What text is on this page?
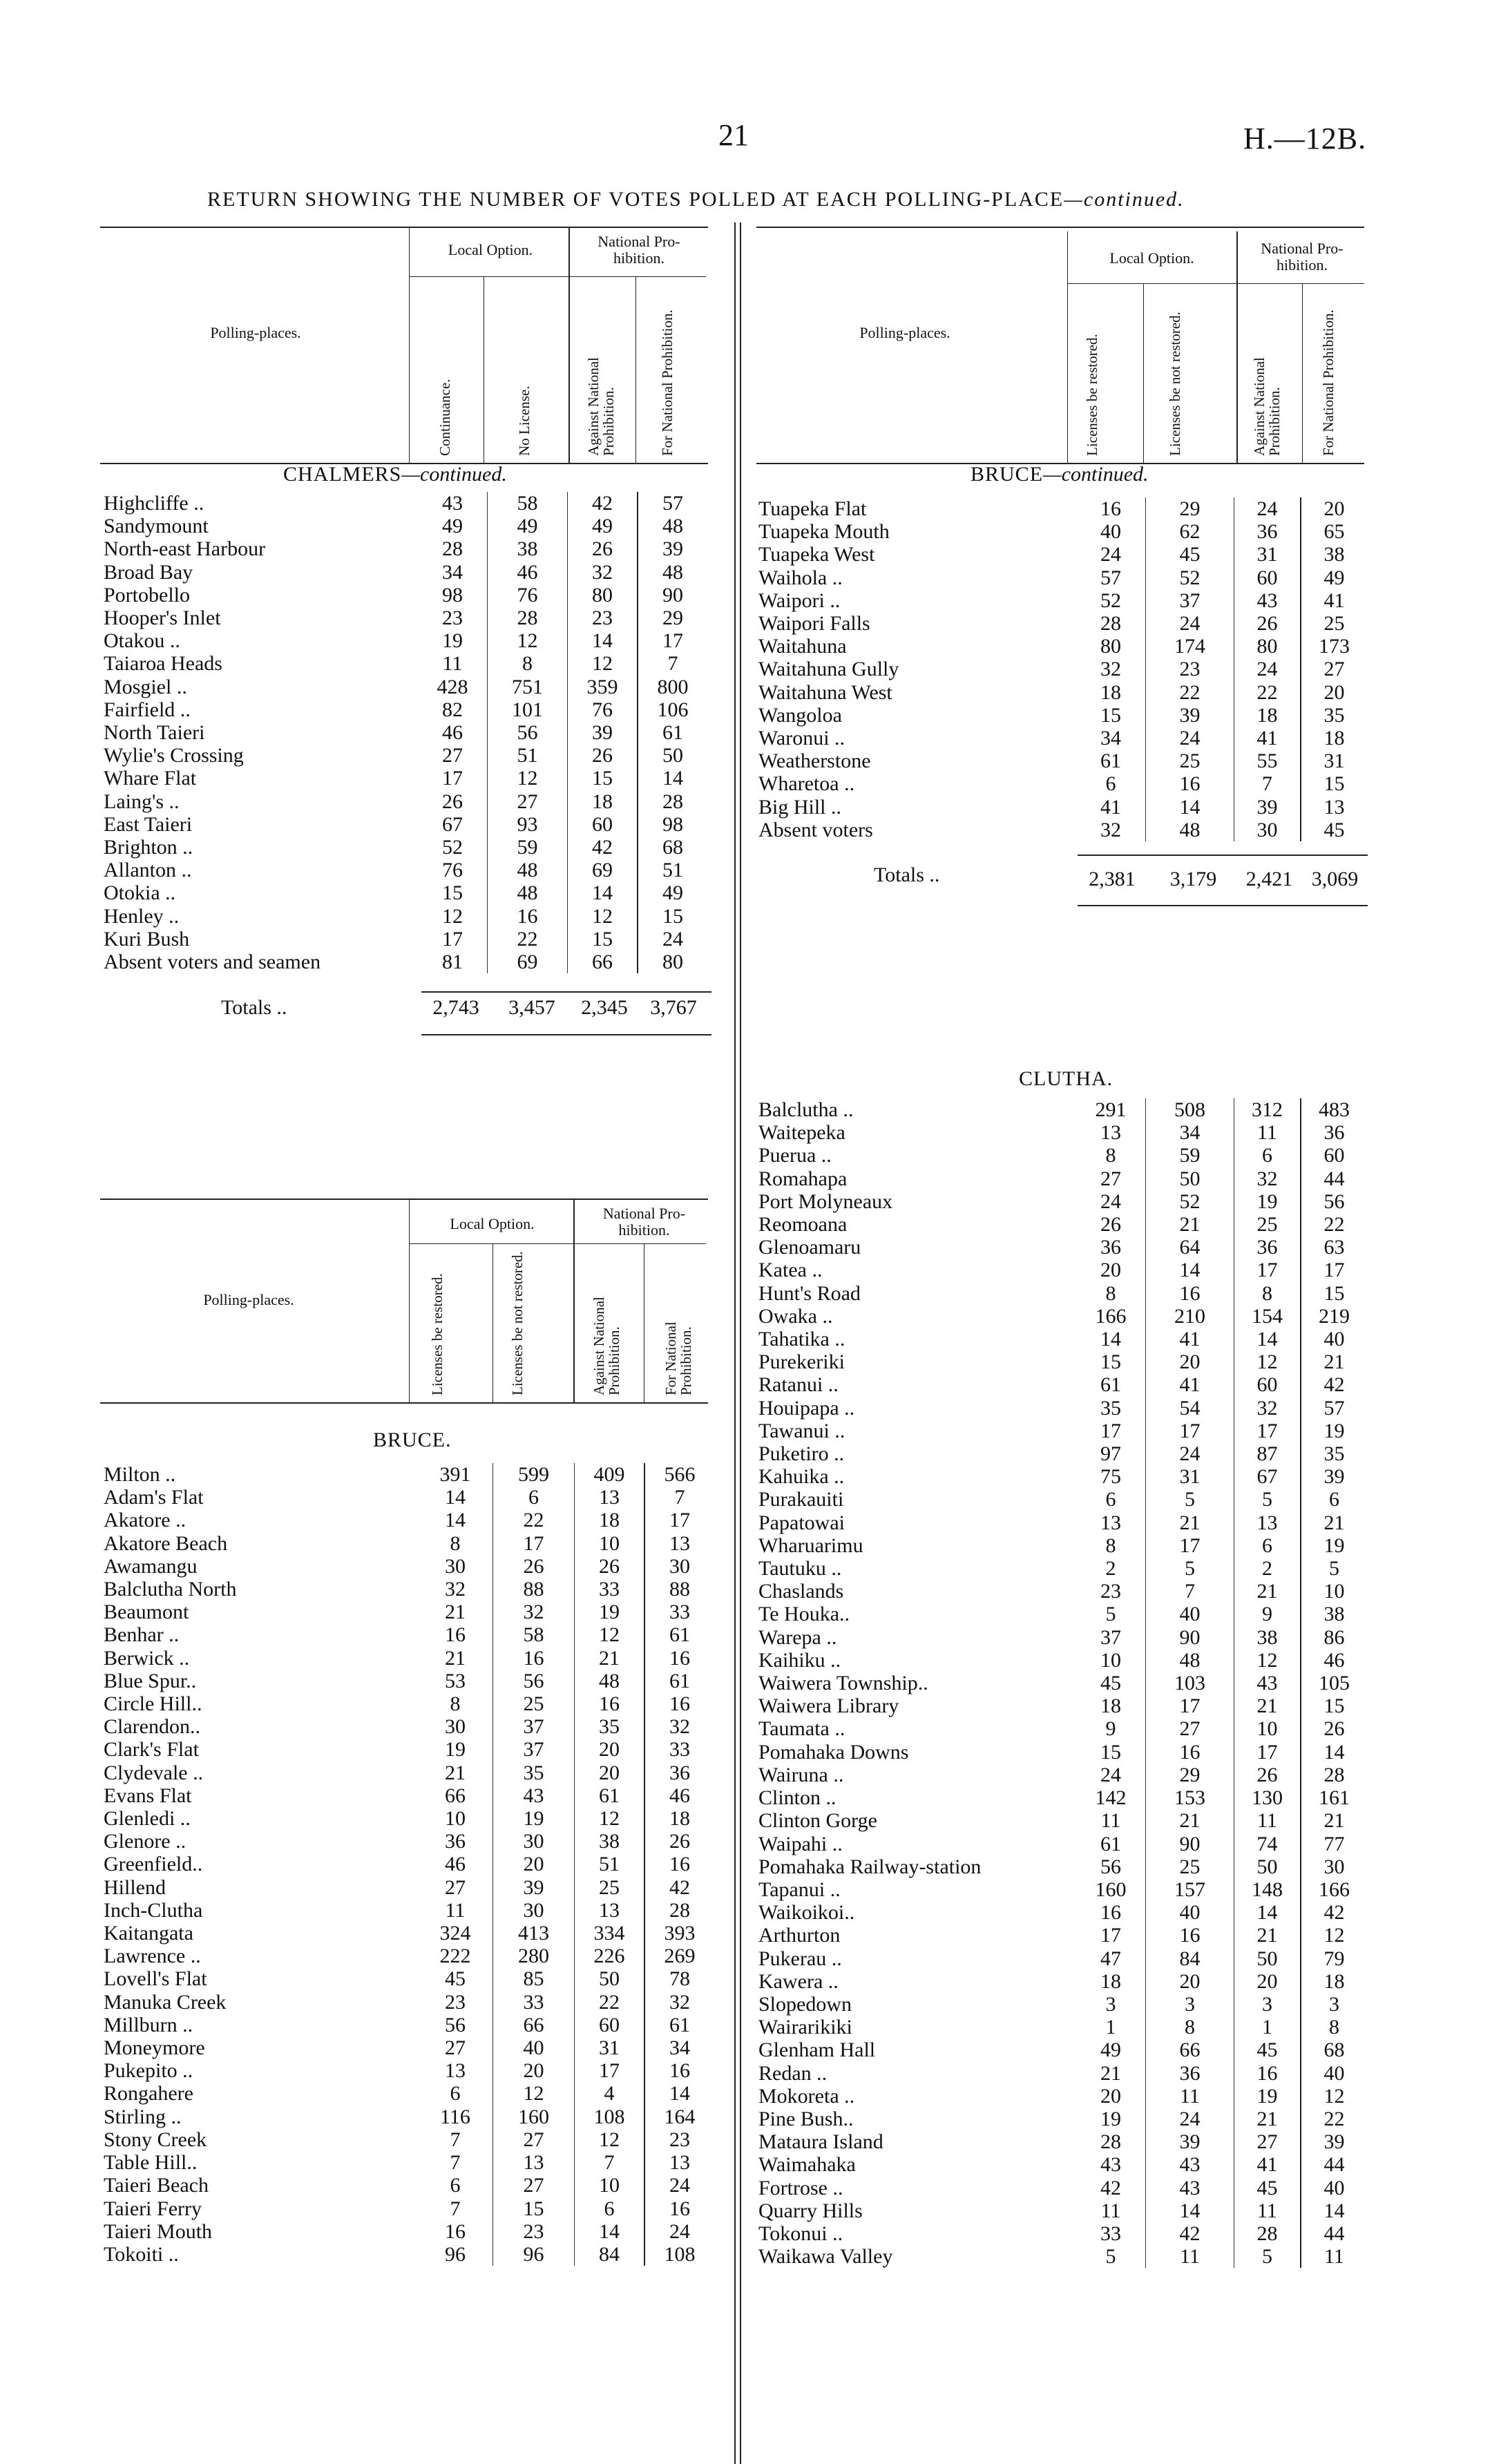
21	H.—12B.
RETURN SHOWING THE NUMBER OF VOTES POLLED AT EACH POLLING-PLACE—continued.
Polling-places.
Local Option.	National Pro-hibition.
Continuance.	No License.	Against National Prohibition.	For National Prohibition.
CHALMERS—continued.
Highcliffe ..	43	58	42	57
Sandymount	49	49	49	48
North-east Harbour	28	38	26	39
Broad Bay	34	46	32	48
Portobello	98	76	80	90
Hooper's Inlet	23	28	23	29
Otakou ..	19	12	14	17
Taiaroa Heads	11	8	12	7
Mosgiel ..	428	751	359	800
Fairfield ..	82	101	76	106
North Taieri	46	56	39	61
Wylie's Crossing	27	51	26	50
Whare Flat	17	12	15	14
Laing's ..	26	27	18	28
East Taieri	67	93	60	98
Brighton ..	52	59	42	68
Allanton ..	76	48	69	51
Otokia ..	15	48	14	49
Henley ..	12	16	12	15
Kuri Bush	17	22	15	24
Absent voters and seamen	81	69	66	80
Totals ..	2,743	3,457	2,345	3,767
Polling-places.
Local Option.
National Pro-hibition.
Licenses be restored.	Licenses be not restored.	Against National Prohibition.	For National Prohibition.
BRUCE—continued.
Tuapeka Flat	16	29	24	20
Tuapeka Mouth	40	62	36	65
Tuapeka West	24	45	31	38
Waihola ..	57	52	60	49
Waipori ..	52	37	43	41
Waipori Falls	28	24	26	25
Waitahuna	80	174	80	173
Waitahuna Gully	32	23	24	27
Waitahuna West	18	22	22	20
Wangoloa	15	39	18	35
Waronui ..	34	24	41	18
Weatherstone	61	25	55	31
Wharetoa ..	6	16	7	15
Big Hill ..	41	14	39	13
Absent voters	32	48	30	45
Totals ..	2,381	3,179	2,421 3,069
Polling-places.
Local Option.
National Pro-hibition.
Licenses be restored.	Licenses be not restored.	Against National Prohibition.	For National Prohibition.
BRUCE.
Milton ..	391	599	409	566
Adam's Flat	14	6	13	7
Akatore ..	14	22	18	17
Akatore Beach	8	17	10	13
Awamangu	30	26	26	30
Balclutha North	32	88	33	88
Beaumont	21	32	19	33
Benhar ..	16	58	12	61
Berwick ..	21	16	21	16
Blue Spur..	53	56	48	61
Circle Hill..	8	25	16	16
Clarendon..	30	37	35	32
Clark's Flat	19	37	20	33
Clydevale ..	21	35	20	36
Evans Flat	66	43	61	46
Glenledi ..	10	19	12	18
Glenore ..	36	30	38	26
Greenfield..	46	20	51	16
Hillend	27	39	25	42
Inch-Clutha	11	30	13	28
Kaitangata	324	413	334	393
Lawrence ..	222	280	226	269
Lovell's Flat	45	85	50	78
Manuka Creek	23	33	22	32
Millburn ..	56	66	60	61
Moneymore	27	40	31	34
Pukepito ..	13	20	17	16
Rongahere	6	12	4	14
Stirling ..	116	160	108	164
Stony Creek	7	27	12	23
Table Hill..	7	13	7	13
Taieri Beach	6	27	10	24
Taieri Ferry	7	15	6	16
Taieri Mouth	16	23	14	24
Tokoiti ..	96	96	84	108
CLUTHA.
Balclutha ..	291	508	312	483
Waitepeka	13	34	11	36
Puerua ..	8	59	6	60
Romahapa	27	50	32	44
Port Molyneaux	24	52	19	56
Reomoana	26	21	25	22
Glenoamaru	36	64	36	63
Katea ..	20	14	17	17
Hunt's Road	8	16	8	15
Owaka ..	166	210	154	219
Tahatika ..	14	41	14	40
Purekeriki	15	20	12	21
Ratanui ..	61	41	60	42
Houipapa ..	35	54	32	57
Tawanui ..	17	17	17	19
Puketiro ..	97	24	87	35
Kahuika ..	75	31	67	39
Purakauiti	6	5	5	6
Papatowai	13	21	13	21
Wharuarimu	8	17	6	19
Tautuku ..	2	5	2	5
Chaslands	23	7	21	10
Te Houka..	5	40	9	38
Warepa ..	37	90	38	86
Kaihiku ..	10	48	12	46
Waiwera Township..	45	103	43	105
Waiwera Library	18	17	21	15
Taumata ..	9	27	10	26
Pomahaka Downs	15	16	17	14
Wairuna ..	24	29	26	28
Clinton ..	142	153	130	161
Clinton Gorge	11	21	11	21
Waipahi ..	61	90	74	77
Pomahaka Railway-station	56	25	50	30
Tapanui ..	160	157	148	166
Waikoikoi..	16	40	14	42
Arthurton	17	16	21	12
Pukerau ..	47	84	50	79
Kawera ..	18	20	20	18
Slopedown	3	3	3	3
Wairarikiki	1	8	1	8
Glenham Hall	49	66	45	68
Redan ..	21	36	16	40
Mokoreta ..	20	11	19	12
Pine Bush..	19	24	21	22
Mataura Island	28	39	27	39
Waimahaka	43	43	41	44
Fortrose ..	42	43	45	40
Quarry Hills	11	14	11	14
Tokonui ..	33	42	28	44
Waikawa Valley	5	11	5	11
